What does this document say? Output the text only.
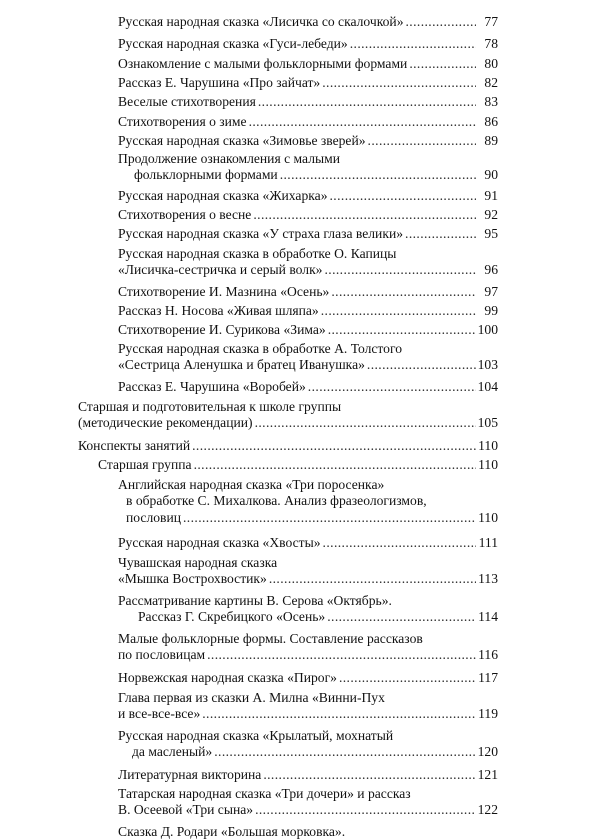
Русская народная сказка «Лисичка со скалочкой» . . .	77
Русская народная сказка «Гуси-лебеди» . . .	78
Ознакомление с малыми фольклорными формами . . .	80
Рассказ Е. Чарушина «Про зайчат» . . .	82
Веселые стихотворения . . .	83
Стихотворения о зиме . . .	86
Русская народная сказка «Зимовье зверей» . . .	89
Продолжение ознакомления с малыми
фольклорными формами . . .	90
Русская народная сказка «Жихарка» . . .	91
Стихотворения о весне . . .	92
Русская народная сказка «У страха глаза велики» . . .	95
Русская народная сказка в обработке О. Капицы
«Лисичка-сестричка и серый волк» . . .	96
Стихотворение И. Мазнина «Осень» . . .	97
Рассказ Н. Носова «Живая шляпа» . . .	99
Стихотворение И. Сурикова «Зима» . . .	100
Русская народная сказка в обработке А. Толстого
«Сестрица Аленушка и братец Иванушка» . . .	103
Рассказ Е. Чарушина «Воробей» . . .	104
Старшая и подготовительная к школе группы
(методические рекомендации) . . .	105
Конспекты занятий . . .	110
Старшая группа . . .	110
Английская народная сказка «Три поросенка»
в обработке С. Михалкова. Анализ фразеологизмов,
пословиц . . .	110
Русская народная сказка «Хвосты» . . .	111
Чувашская народная сказка
«Мышка Вострохвостик» . . .	113
Рассматривание картины В. Серова «Октябрь».
Рассказ Г. Скребицкого «Осень» . . .	114
Малые фольклорные формы. Составление рассказов
по пословицам . . .	116
Норвежская народная сказка «Пирог» . . .	117
Глава первая из сказки А. Милна «Винни-Пух
и все-все-все» . . .	119
Русская народная сказка «Крылатый, мохнатый
да масленый» . . .	120
Литературная викторина . . .	121
Татарская народная сказка «Три дочери» и рассказ
В. Осеевой «Три сына» . . .	122
Сказка Д. Родари «Большая морковка».
